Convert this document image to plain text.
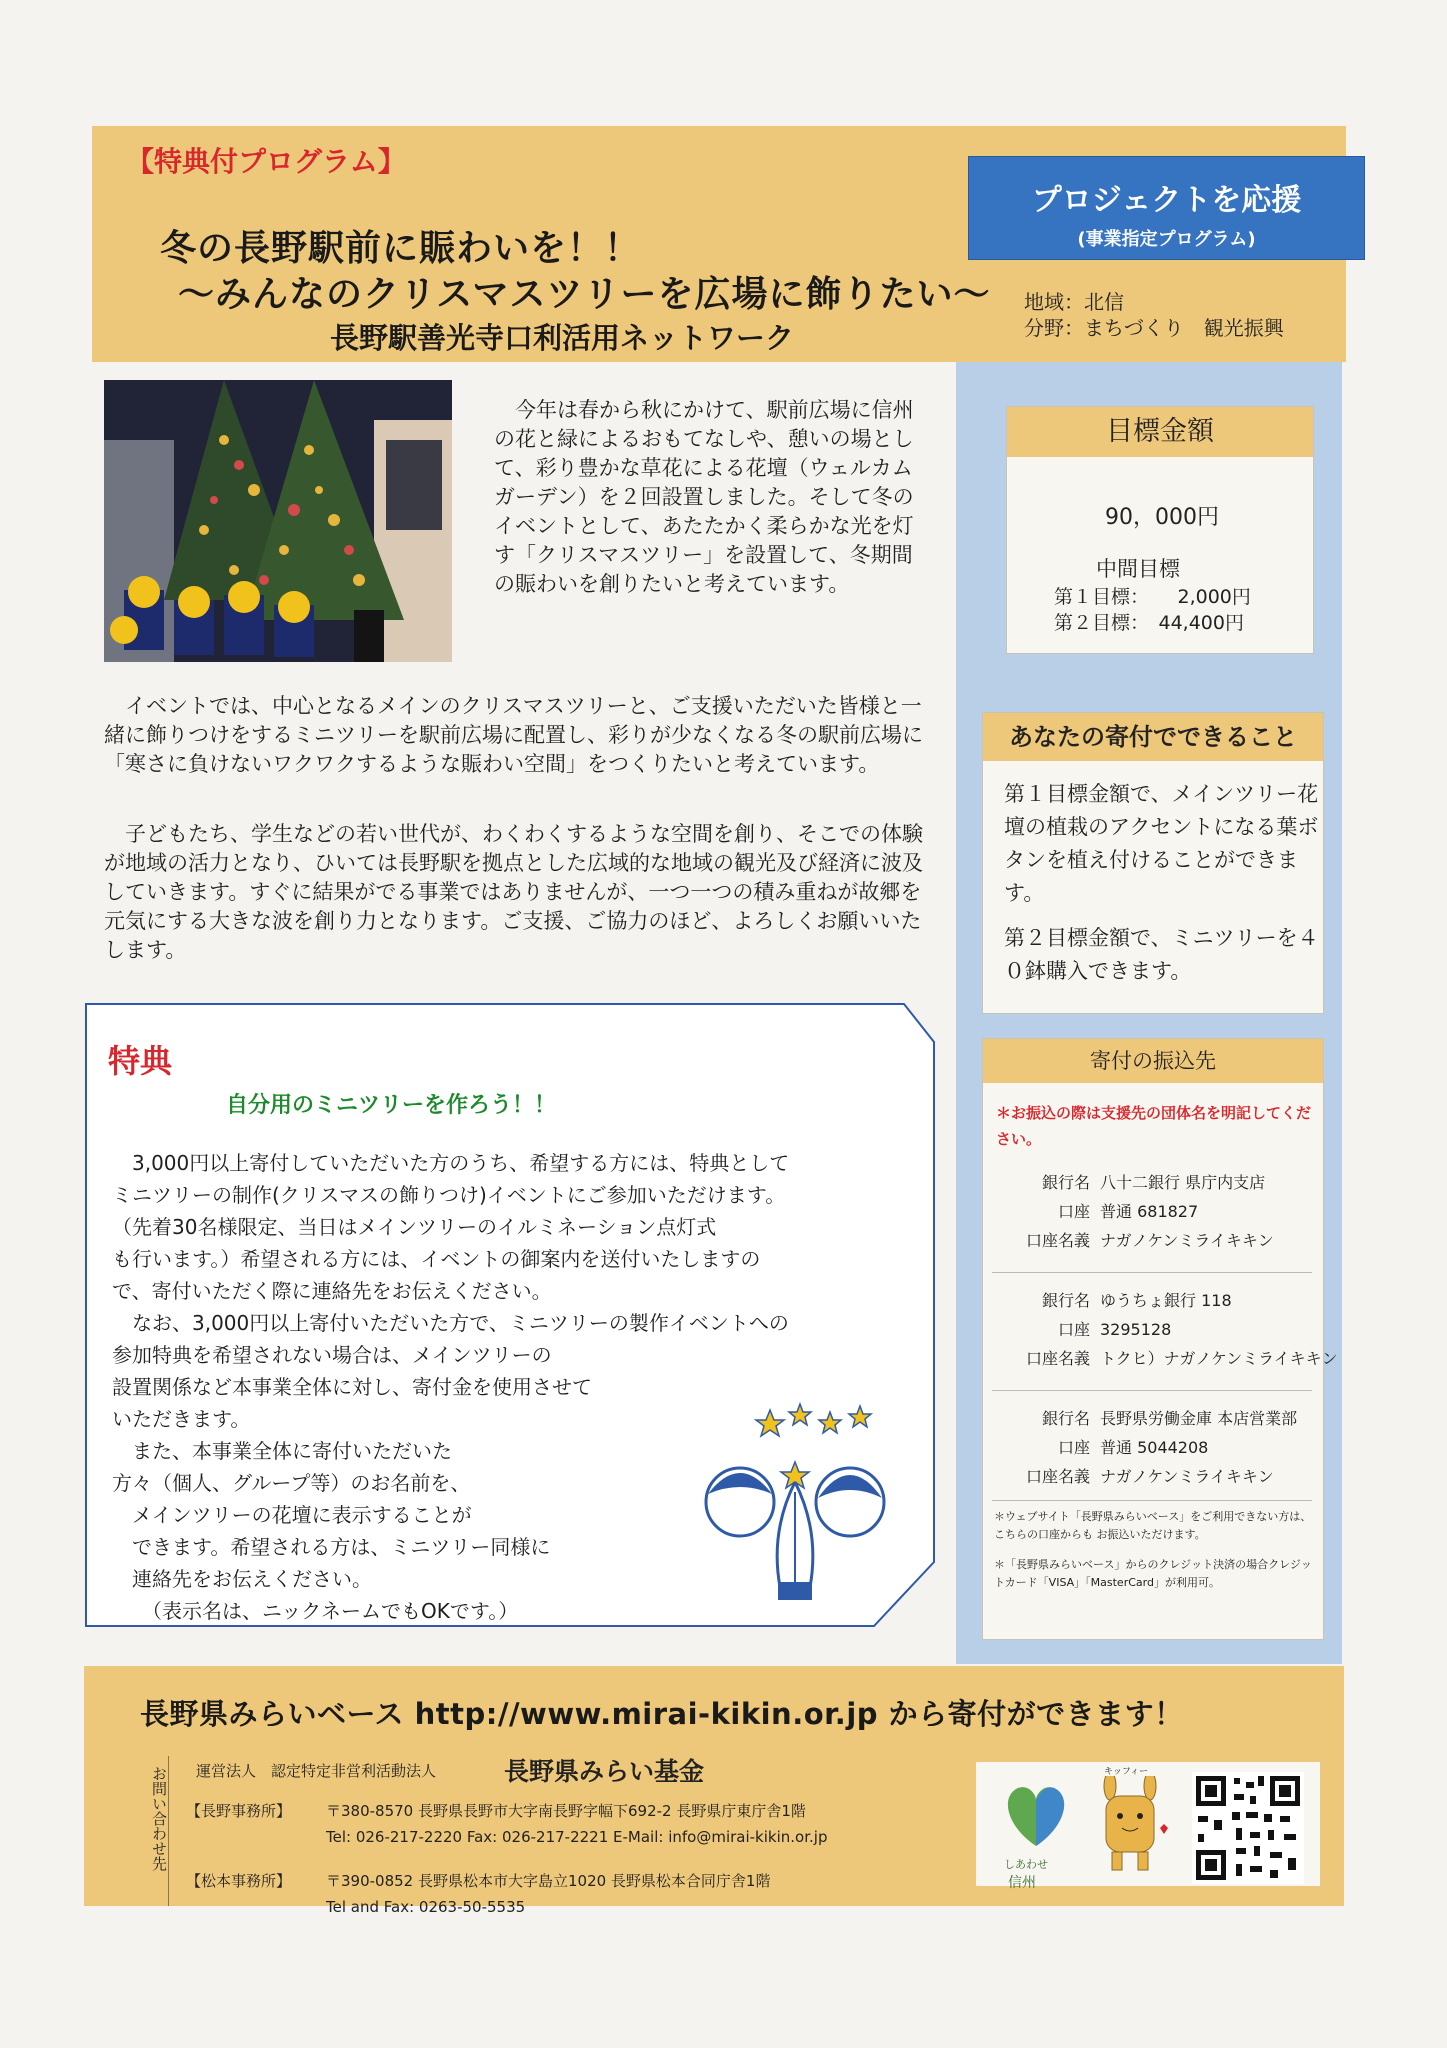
【特典付プログラム】
冬の長野駅前に賑わいを！！
～みんなのクリスマスツリーを広場に飾りたい～
長野駅善光寺口利活用ネットワーク
プロジェクトを応援
(事業指定プログラム)
地域：北信
分野：まちづくり　観光振興
目標金額
90，000円
中間目標
第１目標：　　2,000円
第２目標：　44,400円
あなたの寄付でできること
第１目標金額で、メインツリー花壇の植栽のアクセントになる葉ボタンを植え付けることができます。
第２目標金額で、ミニツリーを４０鉢購入できます。
寄付の振込先
＊お振込の際は支援先の団体名を明記してください。
銀行名 八十二銀行 県庁内支店
口座 普通 681827
口座名義 ナガノケンミライキキン
銀行名 ゆうちょ銀行 118
口座 3295128
口座名義 トクヒ）ナガノケンミライキキン
銀行名 長野県労働金庫 本店営業部
口座 普通 5044208
口座名義 ナガノケンミライキキン
＊ウェブサイト「長野県みらいベース」をご利用できない方は、こちらの口座からも お振込いただけます。
＊「長野県みらいベース」からのクレジット決済の場合クレジットカード「VISA」「MasterCard」が利用可。
今年は春から秋にかけて、駅前広場に信州の花と緑によるおもてなしや、憩いの場として、彩り豊かな草花による花壇（ウェルカムガーデン）を２回設置しました。そして冬のイベントとして、あたたかく柔らかな光を灯す「クリスマスツリー」を設置して、冬期間の賑わいを創りたいと考えています。
イベントでは、中心となるメインのクリスマスツリーと、ご支援いただいた皆様と一緒に飾りつけをするミニツリーを駅前広場に配置し、彩りが少なくなる冬の駅前広場に「寒さに負けないワクワクするような賑わい空間」をつくりたいと考えています。
子どもたち、学生などの若い世代が、わくわくするような空間を創り、そこでの体験が地域の活力となり、ひいては長野駅を拠点とした広域的な地域の観光及び経済に波及していきます。すぐに結果がでる事業ではありませんが、一つ一つの積み重ねが故郷を元気にする大きな波を創り力となります。ご支援、ご協力のほど、よろしくお願いいたします。
特典
自分用のミニツリーを作ろう！！
　3,000円以上寄付していただいた方のうち、希望する方には、特典として
ミニツリーの制作(クリスマスの飾りつけ)イベントにご参加いただけます。
（先着30名様限定、当日はメインツリーのイルミネーション点灯式
も行います。）希望される方には、イベントの御案内を送付いたしますの
で、寄付いただく際に連絡先をお伝えください。
　なお、3,000円以上寄付いただいた方で、ミニツリーの製作イベントへの
参加特典を希望されない場合は、メインツリーの
設置関係など本事業全体に対し、寄付金を使用させて
いただきます。
　また、本事業全体に寄付いただいた
方々（個人、グループ等）のお名前を、
　メインツリーの花壇に表示することが
　できます。希望される方は、ミニツリー同様に
　連絡先をお伝えください。
　　（表示名は、ニックネームでもOKです。）
長野県みらいベース http://www.mirai-kikin.or.jp から寄付ができます！
お問い合わせ先 運営法人　認定特定非営利活動法人	長野県みらい基金
【長野事務所】 〒380-8570 長野県長野市大字南長野字幅下692-2 長野県庁東庁舎1階
Tel: 026-217-2220 Fax: 026-217-2221 E-Mail: info@mirai-kikin.or.jp
【松本事務所】 〒390-0852 長野県松本市大字島立1020 長野県松本合同庁舎1階
Tel and Fax: 0263-50-5535
しあわせ
信州
キッフィー
